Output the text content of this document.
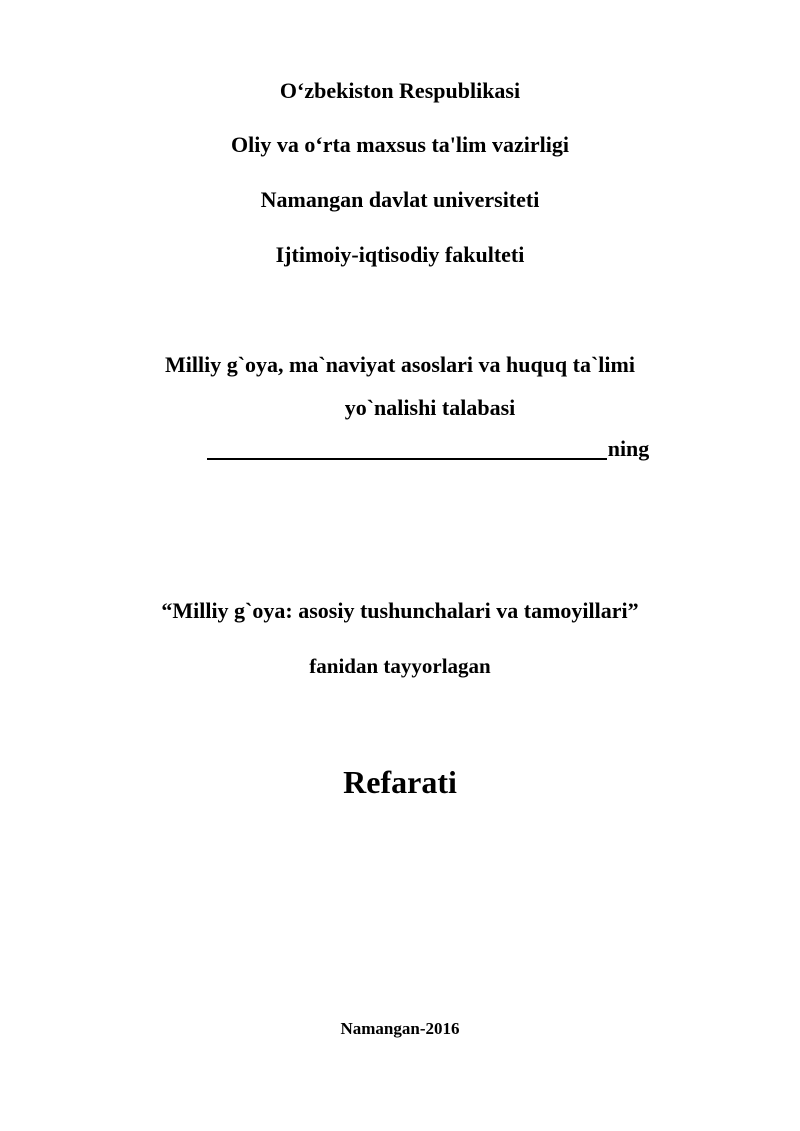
O‘zbekiston Respublikasi
Oliy va o‘rta maxsus ta'lim vazirligi
Namangan davlat universiteti
Ijtimoiy-iqtisodiy fakulteti
Milliy g`oya, ma`naviyat asoslari va huquq ta`limi
yo`nalishi talabasi
ning
“Milliy g`oya: asosiy tushunchalari va tamoyillari”
fanidan tayyorlagan
Refarati
Namangan-2016
